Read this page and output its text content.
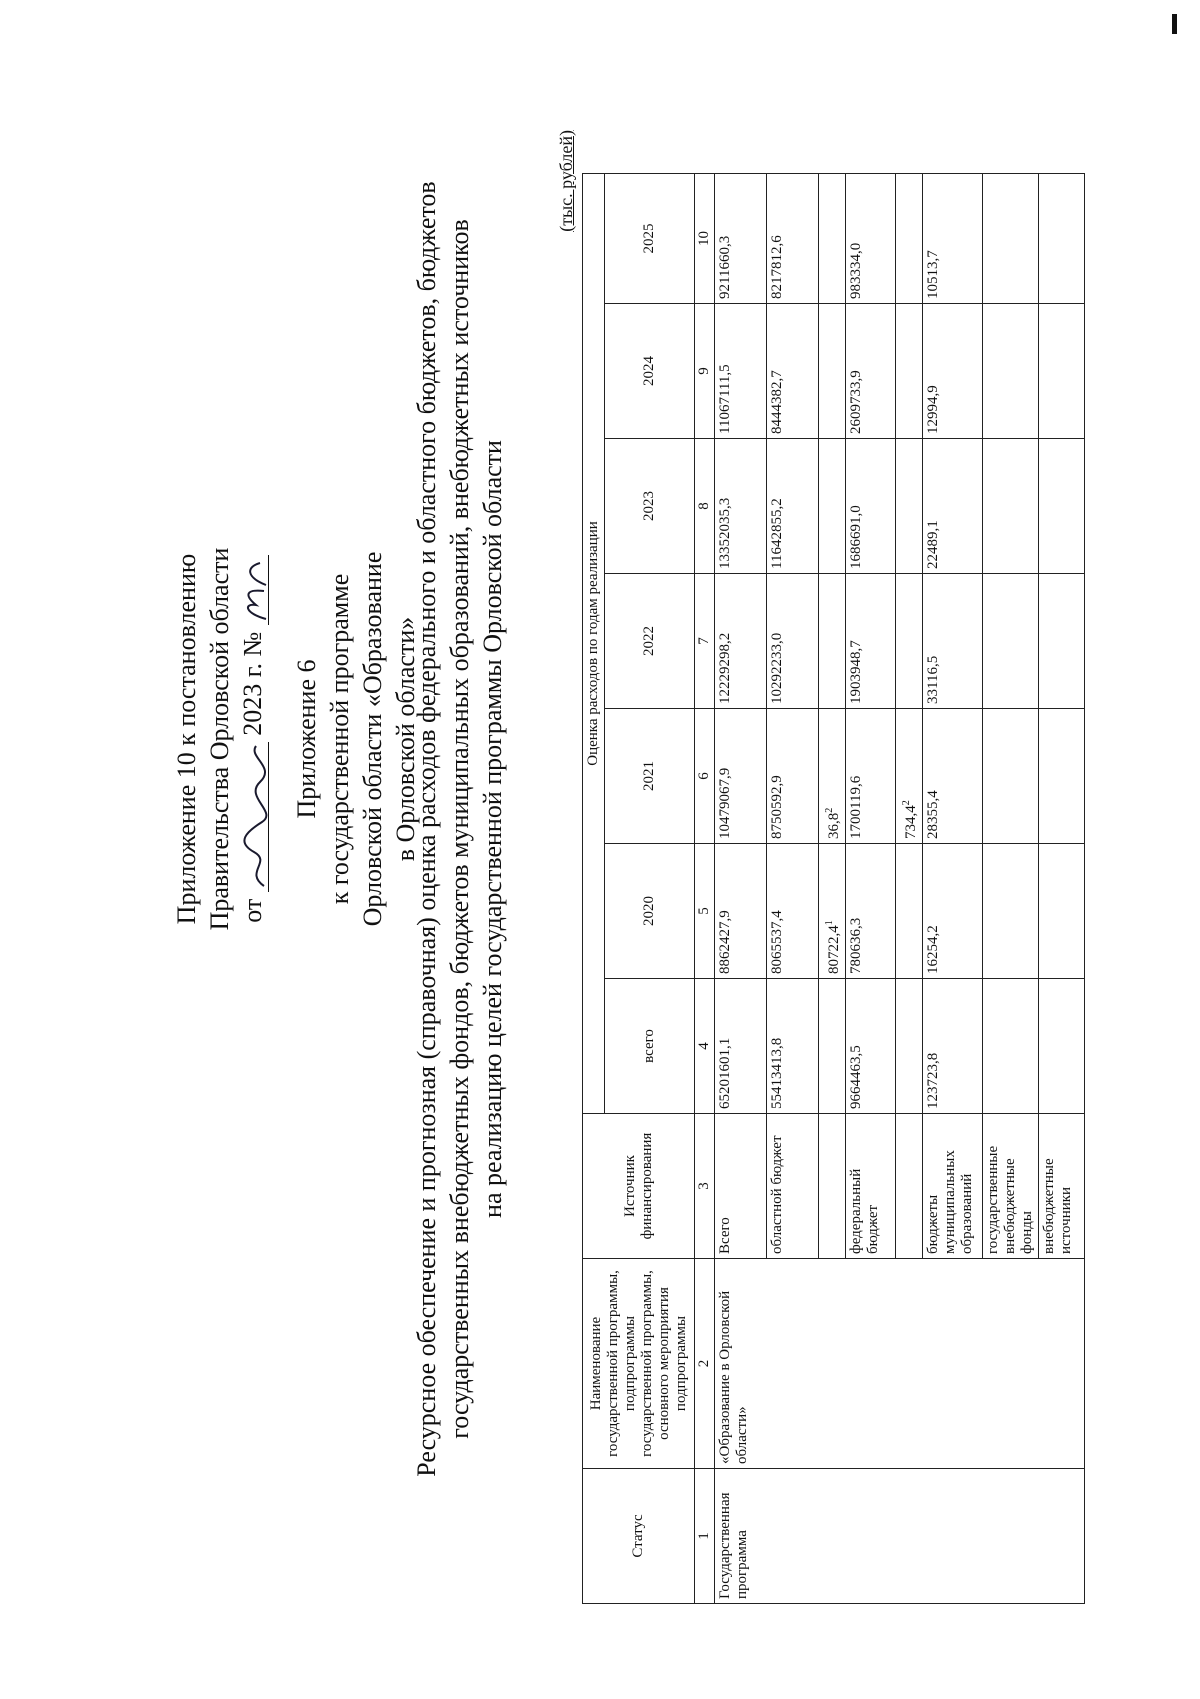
Приложение 10 к постановлению Правительства Орловской области от  2023 г. № Приложение 6 к государственной программе Орловской области «Образование в Орловской области»
Ресурсное обеспечение и прогнозная (справочная) оценка расходов федерального и областного бюджетов, бюджетов государственных внебюджетных фондов, бюджетов муниципальных образований, внебюджетных источников на реализацию целей государственной программы Орловской области
(тыс. рублей)
Статус	Наименование государственной программы, подпрограммы государственной программы, основного мероприятия подпрограммы	Источник финансирования	Оценка расходов по годам реализации						
			всего	2020	2021	2022	2023	2024	2025
1	2	3	4	5	6	7	8	9	10
Государственная программа	«Образование в Орловской области»	Всего	65201601,1	8862427,9	10479067,9	12229298,2	13352035,3	11067111,5	9211660,3
		областной бюджет	55413413,8	8065537,4	8750592,9	10292233,0	11642855,2	8444382,7	8217812,6
				80722,4$^1$	36,8$^2$				
		федеральный бюджет	9664463,5	780636,3	1700119,6	1903948,7	1686691,0	2609733,9	983334,0
					734,4$^2$				
		бюджеты муниципальных образований	123723,8	16254,2	28355,4	33116,5	22489,1	12994,9	10513,7
		государственные внебюджетные фонды							
		внебюджетные источники							
